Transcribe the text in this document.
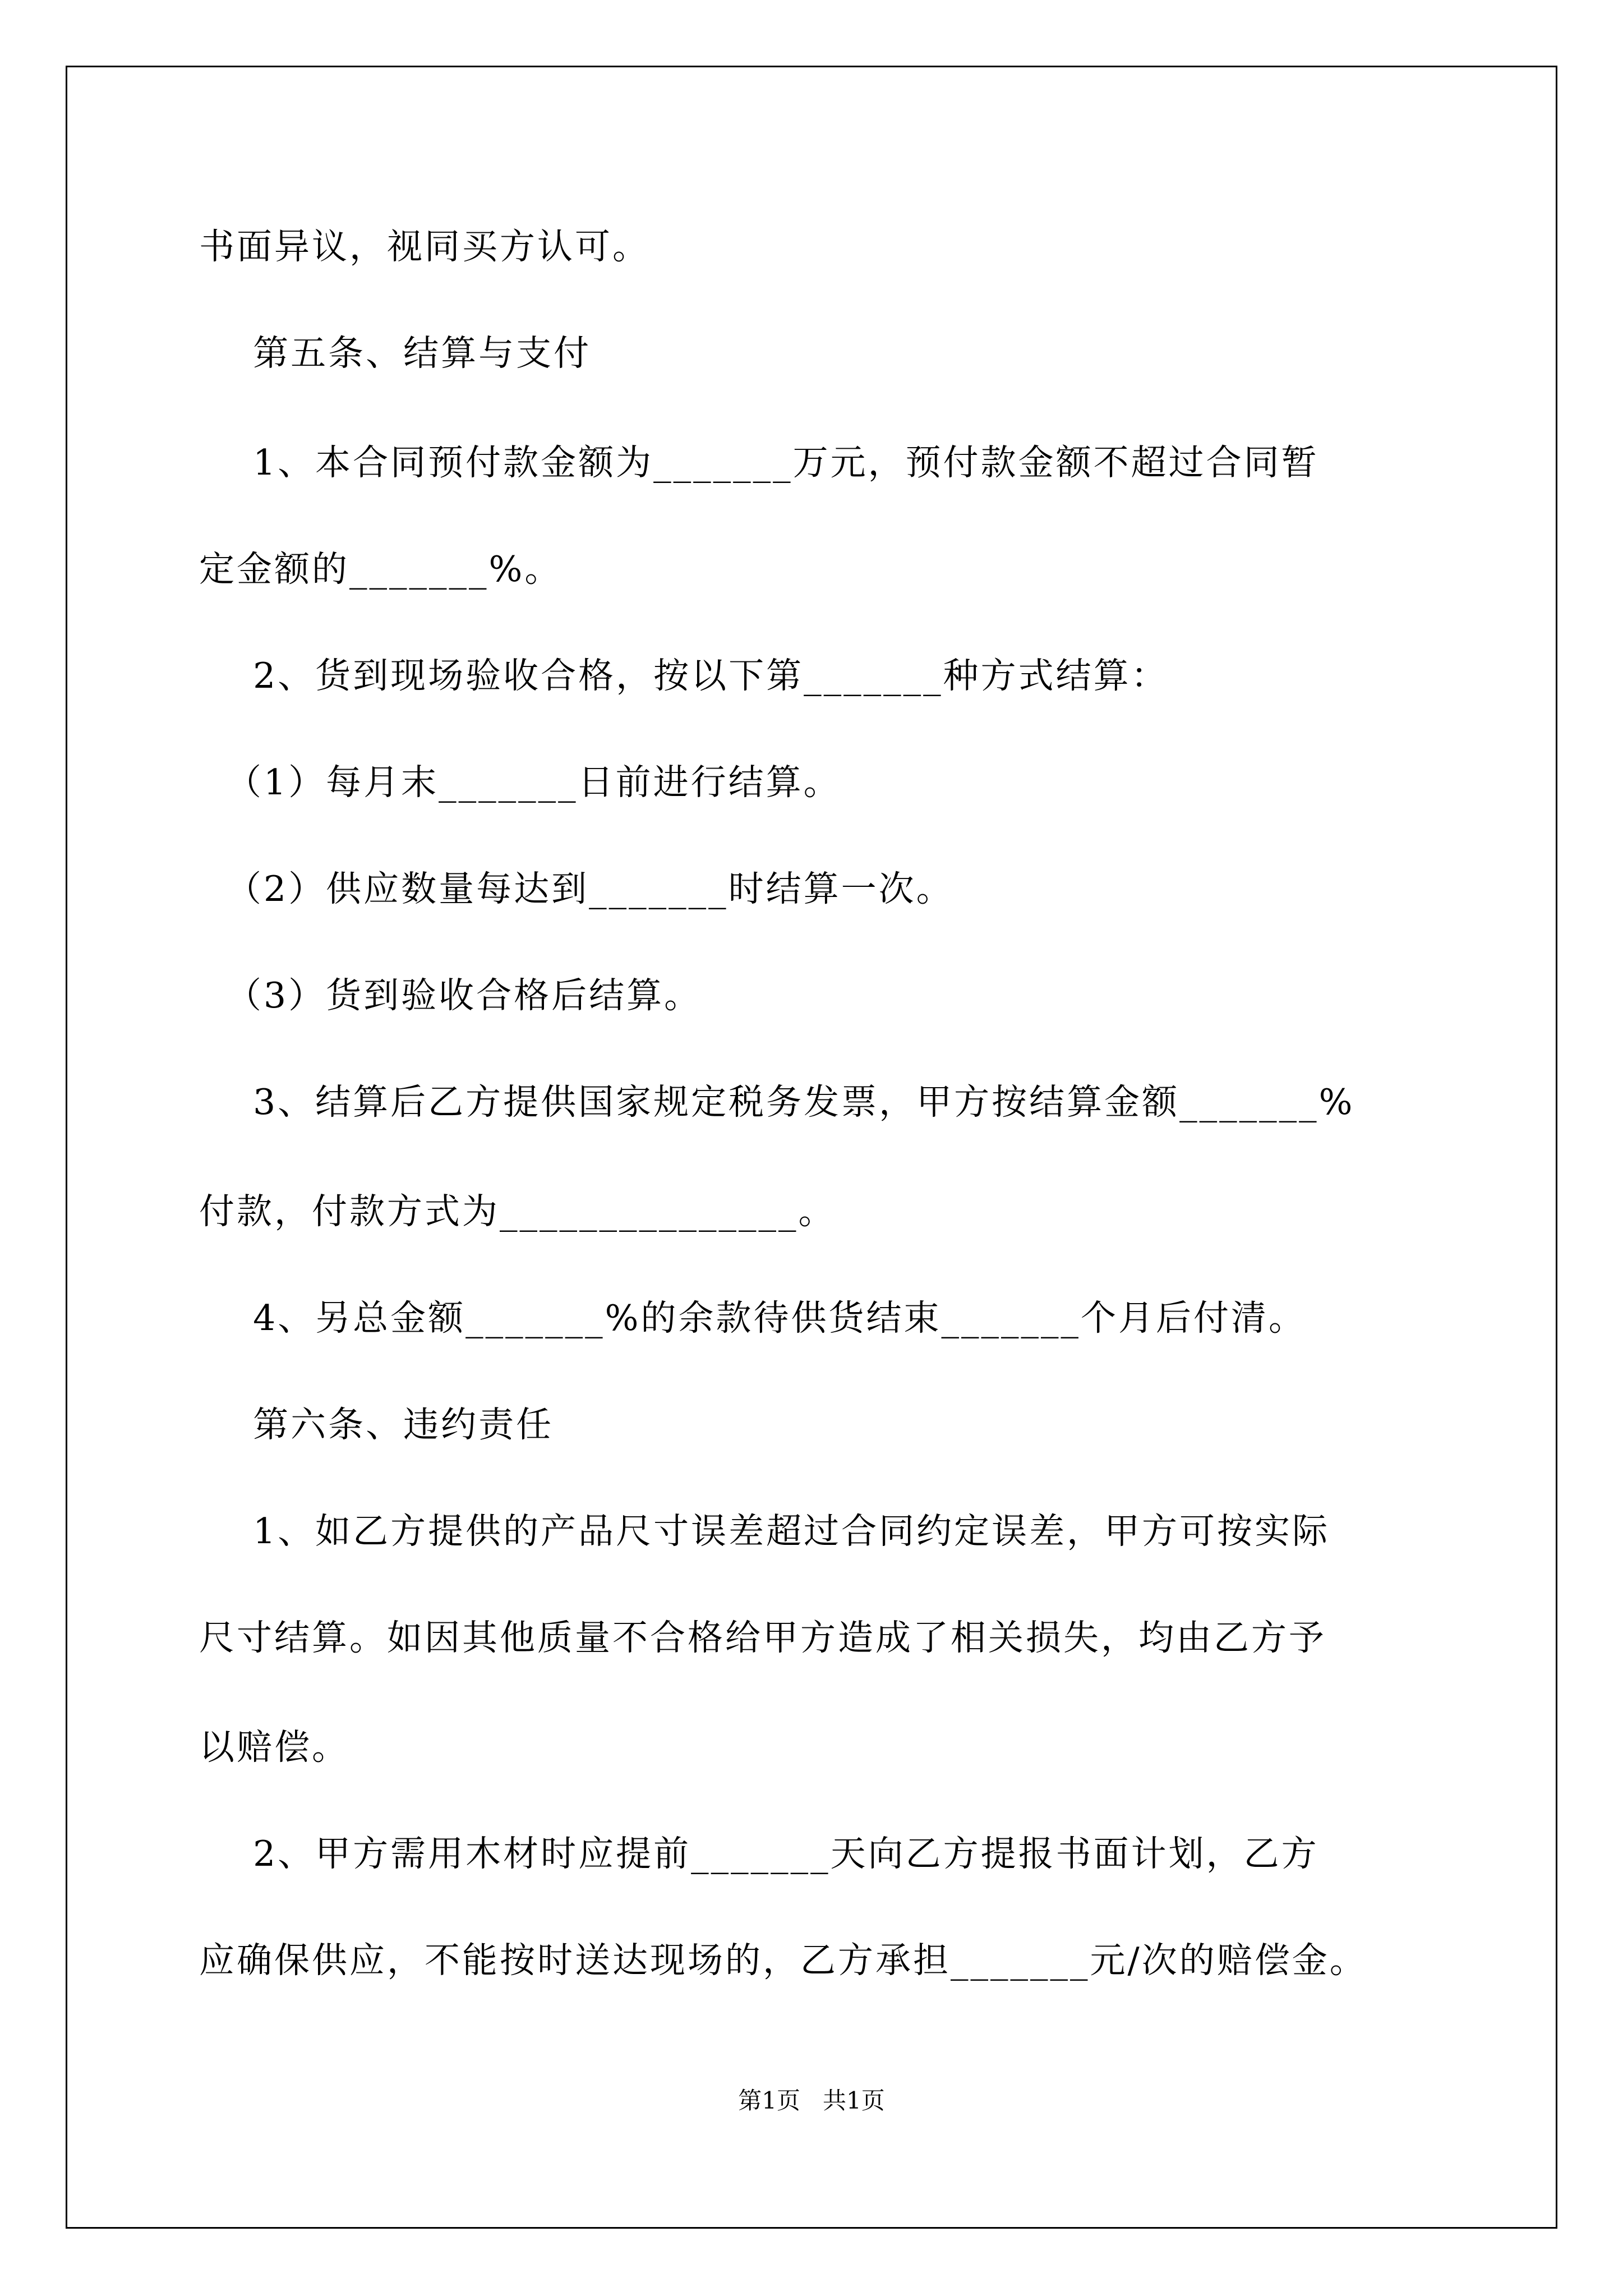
书面异议，视同买方认可。
第五条、结算与支付
1、本合同预付款金额为_______万元，预付款金额不超过合同暂
定金额的_______%。
2、货到现场验收合格，按以下第_______种方式结算：
（1）每月末_______日前进行结算。
（2）供应数量每达到_______时结算一次。
（3）货到验收合格后结算。
3、结算后乙方提供国家规定税务发票，甲方按结算金额_______%
付款，付款方式为_______________。
4、另总金额_______%的余款待供货结束_______个月后付清。
第六条、违约责任
1、如乙方提供的产品尺寸误差超过合同约定误差，甲方可按实际
尺寸结算。如因其他质量不合格给甲方造成了相关损失，均由乙方予
以赔偿。
2、甲方需用木材时应提前_______天向乙方提报书面计划，乙方
应确保供应，不能按时送达现场的，乙方承担_______元/次的赔偿金。
第1页   共1页
